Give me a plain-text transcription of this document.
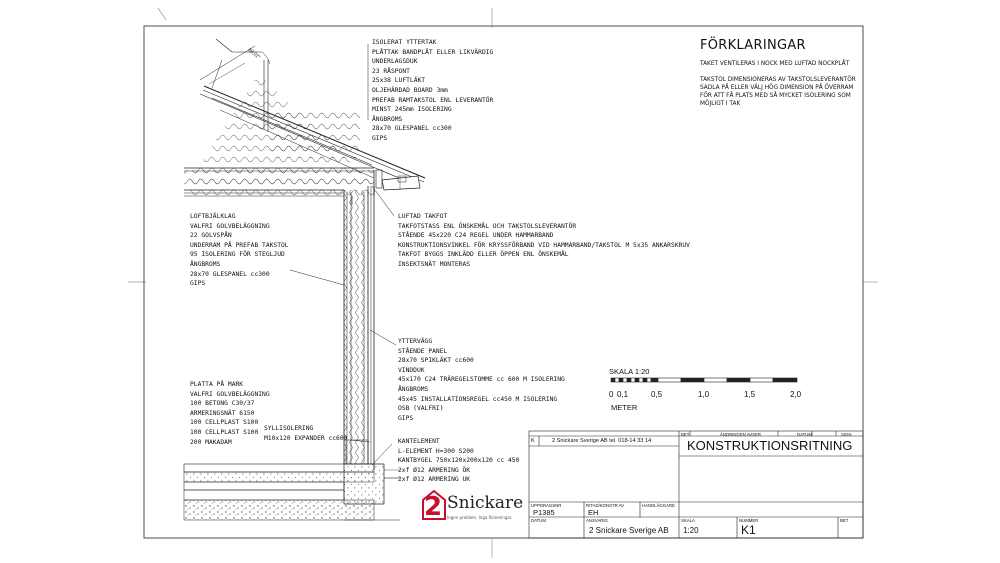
ISOLERAT YTTERTAK
PLÅTTAK BANDPLÅT ELLER LIKVÄRDIG
UNDERLAGSDUK
23 RÅSPONT
25x38 LUFTLÄKT
OLJEHÄRDAD BOARD 3mm
PREFAB RAMTAKSTOL ENL LEVERANTÖR
MINST 245mm ISOLERING
ÅNGBROMS
28x70 GLESPANEL cc300
GIPS
38,02°
LOFTBJÄLKLAG
VALFRI GOLVBELÄGGNING
22 GOLVSPÅN
UNDERRAM PÅ PREFAB TAKSTOL
95 ISOLERING FÖR STEGLJUD
ÅNGBROMS
28x70 GLESPANEL cc300
GIPS
LUFTAD TAKFOT
TAKFOTSTASS ENL ÖNSKEMÅL OCH TAKSTOLSLEVERANTÖR
STÅENDE 45x220 C24 REGEL UNDER HAMMARBAND
KONSTRUKTIONSVINKEL FÖR KRYSSFÖRBAND VID HAMMARBAND/TAKSTOL M 5x35 ANKARSKRUV
TAKFOT BYGGS INKLÄDD ELLER ÖPPEN ENL ÖNSKEMÅL
INSEKTSNÄT MONTERAS
YTTERVÄGG
STÅENDE PANEL
28x70 SPIKLÄKT cc600
VINDDUK
45x170 C24 TRÄREGELSTOMME cc 600 M ISOLERING
ÅNGBROMS
45x45 INSTALLATIONSREGEL cc450 M ISOLERING
OSB (VALFRI)
GIPS
PLATTA PÅ MARK
VALFRI GOLVBELÄGGNING
100 BETONG C30/37
ARMERINGSNÄT 6150
100 CELLPLAST S100
100 CELLPLAST S100
200 MAKADAM
SYLLISOLERING
M10x120 EXPANDER cc600	KANTELEMENT
L-ELEMENT H=300 S200
KANTBYGEL 750x120x200x120 cc 450
2xf Ø12 ARMERING ÖK
2xf Ø12 ARMERING UK
FÖRKLARINGAR
TAKET VENTILERAS I NOCK MED LUFTAD NOCKPLÅT
TAKSTOL DIMENSIONERAS AV TAKSTOLSLEVERANTÖR
SADLA PÅ ELLER VÄLJ HÖG DIMENSION PÅ ÖVERRAM
FÖR ATT FÅ PLATS MED SÅ MYCKET ISOLERING SOM
MÖJLIGT I TAK
SKALA 1:20
0 0,1	0,5	1,0	1,5	2,0
METER
BET	ÄNDRINGEN AVSER	DATUM	SIGN
K	2 Snickare Sverige AB tel. 018-14 33 14	KONSTRUKTIONSRITNING
UPPDRAGSNR
P1385
RITAD/KONSTR AV
EH
HANDLÄGGARE
DATUM	ANSVARIG
2 Snickare Sverige AB
SKALA
1:20
NUMMER
K1
BET
2 Snickare
Ingen problem. Inga förseningar.
